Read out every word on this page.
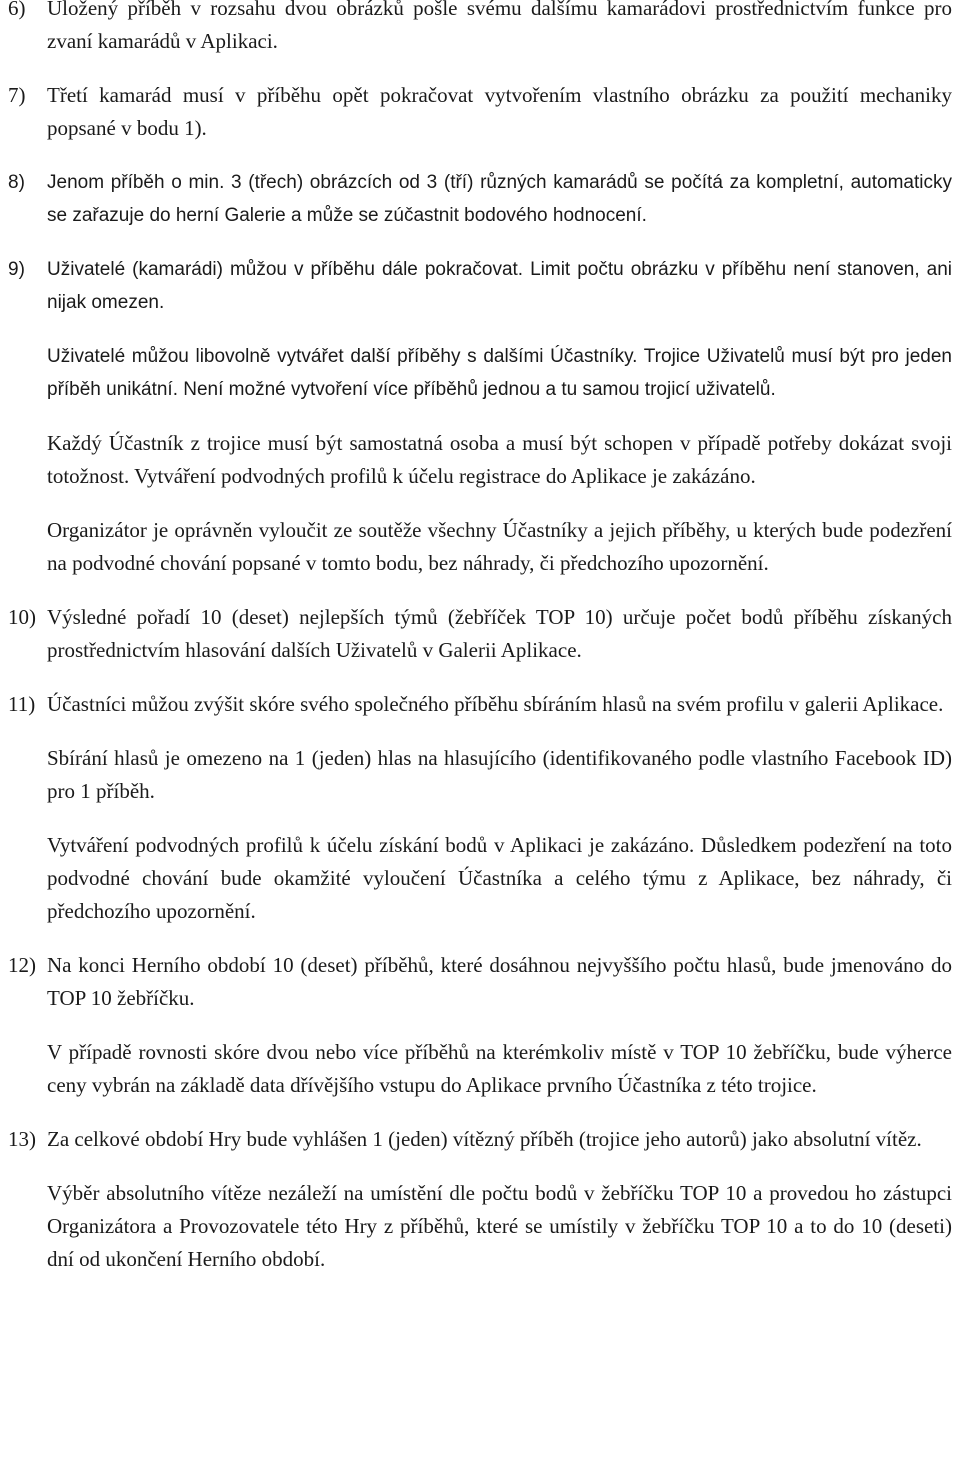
6) Uložený příběh v rozsahu dvou obrázků pošle svému dalšímu kamarádovi prostřednictvím funkce pro zvaní kamarádů v Aplikaci.

7) Třetí kamarád musí v příběhu opět pokračovat vytvořením vlastního obrázku za použití mechaniky popsané v bodu 1).

8) Jenom příběh o min. 3 (třech) obrázcích od 3 (tří) různých kamarádů se počítá za kompletní, automaticky se zařazuje do herní Galerie a může se zúčastnit bodového hodnocení.

9) Uživatelé (kamarádi) můžou v příběhu dále pokračovat. Limit počtu obrázku v příběhu není stanoven, ani nijak omezen.

Uživatelé můžou libovolně vytvářet další příběhy s dalšími Účastníky. Trojice Uživatelů musí být pro jeden příběh unikátní. Není možné vytvoření více příběhů jednou a tu samou trojicí uživatelů.

Každý Účastník z trojice musí být samostatná osoba a musí být schopen v případě potřeby dokázat svoji totožnost. Vytváření podvodných profilů k účelu registrace do Aplikace je zakázáno.

Organizátor je oprávněn vyloučit ze soutěže všechny Účastníky a jejich příběhy, u kterých bude podezření na podvodné chování popsané v tomto bodu, bez náhrady, či předchozího upozornění.

10) Výsledné pořadí 10 (deset) nejlepších týmů (žebříček TOP 10) určuje počet bodů příběhu získaných prostřednictvím hlasování dalších Uživatelů v Galerii Aplikace.

11) Účastníci můžou zvýšit skóre svého společného příběhu sbíráním hlasů na svém profilu v galerii Aplikace.

Sbírání hlasů je omezeno na 1 (jeden) hlas na hlasujícího (identifikovaného podle vlastního Facebook ID) pro 1 příběh.

Vytváření podvodných profilů k účelu získání bodů v Aplikaci je zakázáno. Důsledkem podezření na toto podvodné chování bude okamžité vyloučení Účastníka a celého týmu z Aplikace, bez náhrady, či předchozího upozornění.

12) Na konci Herního období 10 (deset) příběhů, které dosáhnou nejvyššího počtu hlasů, bude jmenováno do TOP 10 žebříčku.

V případě rovnosti skóre dvou nebo více příběhů na kterémkoliv místě v TOP 10 žebříčku, bude výherce ceny vybrán na základě data dřívějšího vstupu do Aplikace prvního Účastníka z této trojice.

13) Za celkové období Hry bude vyhlášen 1 (jeden) vítězný příběh (trojice jeho autorů) jako absolutní vítěz.

Výběr absolutního vítěze nezáleží na umístění dle počtu bodů v žebříčku TOP 10 a provedou ho zástupci Organizátora a Provozovatele této Hry z příběhů, které se umístily v žebříčku TOP 10 a to do 10 (deseti) dní od ukončení Herního období.
